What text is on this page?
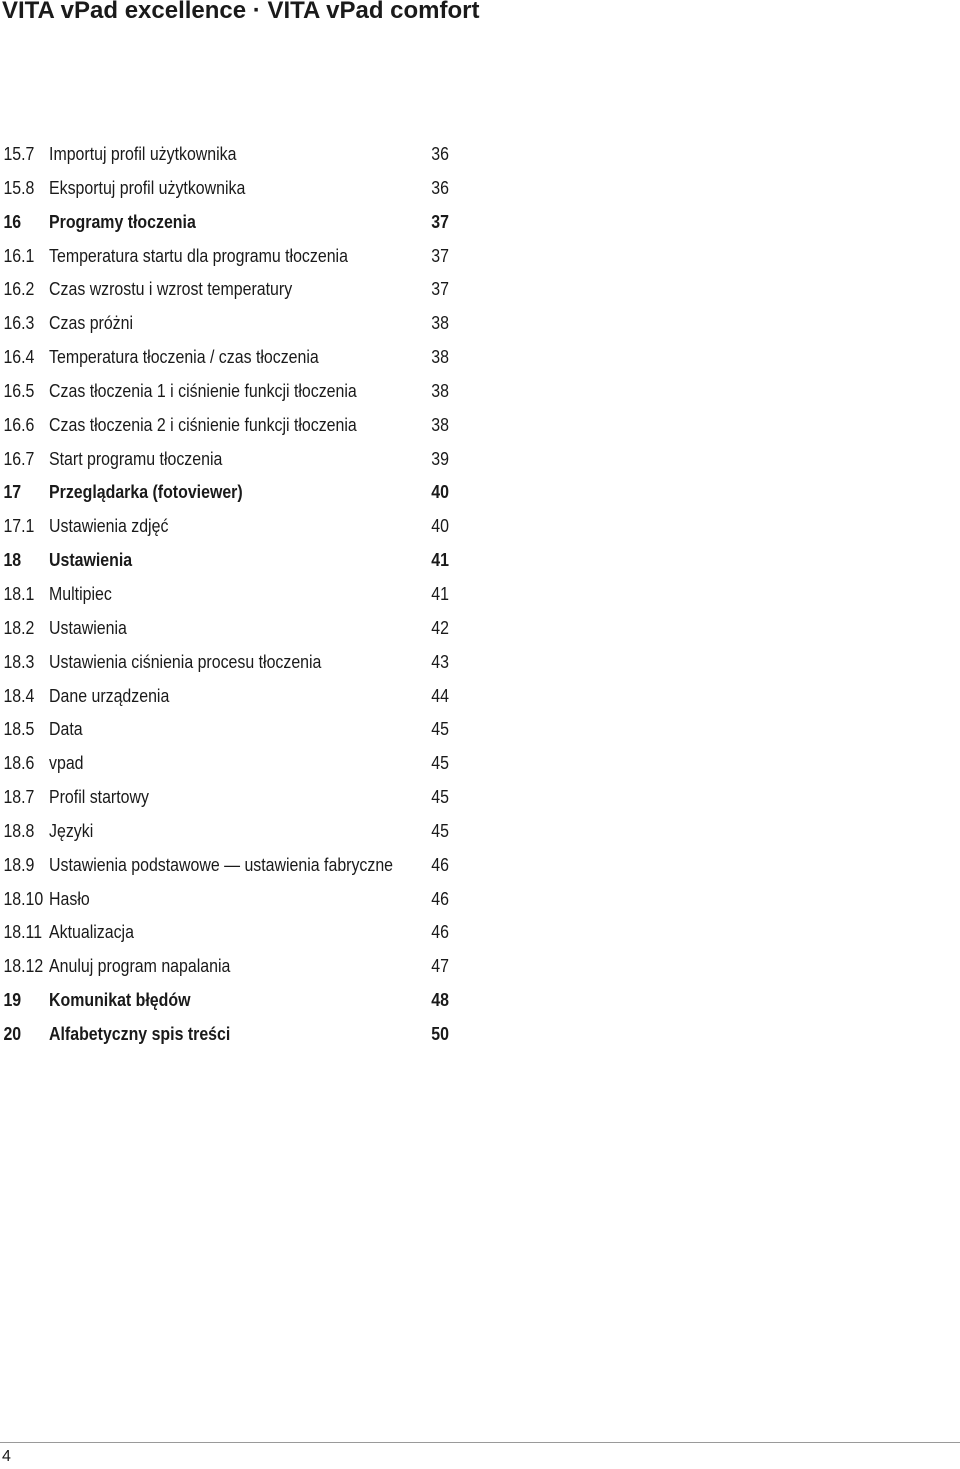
VITA vPad excellence · VITA vPad comfort
15.7 Importuj profil użytkownika	36
15.8 Eksportuj profil użytkownika	36
16 Programy tłoczenia	37
16.1 Temperatura startu dla programu tłoczenia	37
16.2 Czas wzrostu i wzrost temperatury	37
16.3 Czas próżni	38
16.4 Temperatura tłoczenia / czas tłoczenia	38
16.5 Czas tłoczenia 1 i ciśnienie funkcji tłoczenia	38
16.6 Czas tłoczenia 2 i ciśnienie funkcji tłoczenia	38
16.7 Start programu tłoczenia	39
17 Przeglądarka (fotoviewer)	40
17.1 Ustawienia zdjęć	40
18 Ustawienia	41
18.1 Multipiec	41
18.2 Ustawienia	42
18.3 Ustawienia ciśnienia procesu tłoczenia	43
18.4 Dane urządzenia	44
18.5 Data	45
18.6 vpad	45
18.7 Profil startowy	45
18.8 Języki	45
18.9 Ustawienia podstawowe — ustawienia fabryczne 46
18.10 Hasło	46
18.11 Aktualizacja	46
18.12 Anuluj program napalania	47
19 Komunikat błędów	48
20 Alfabetyczny spis treści	50
4
